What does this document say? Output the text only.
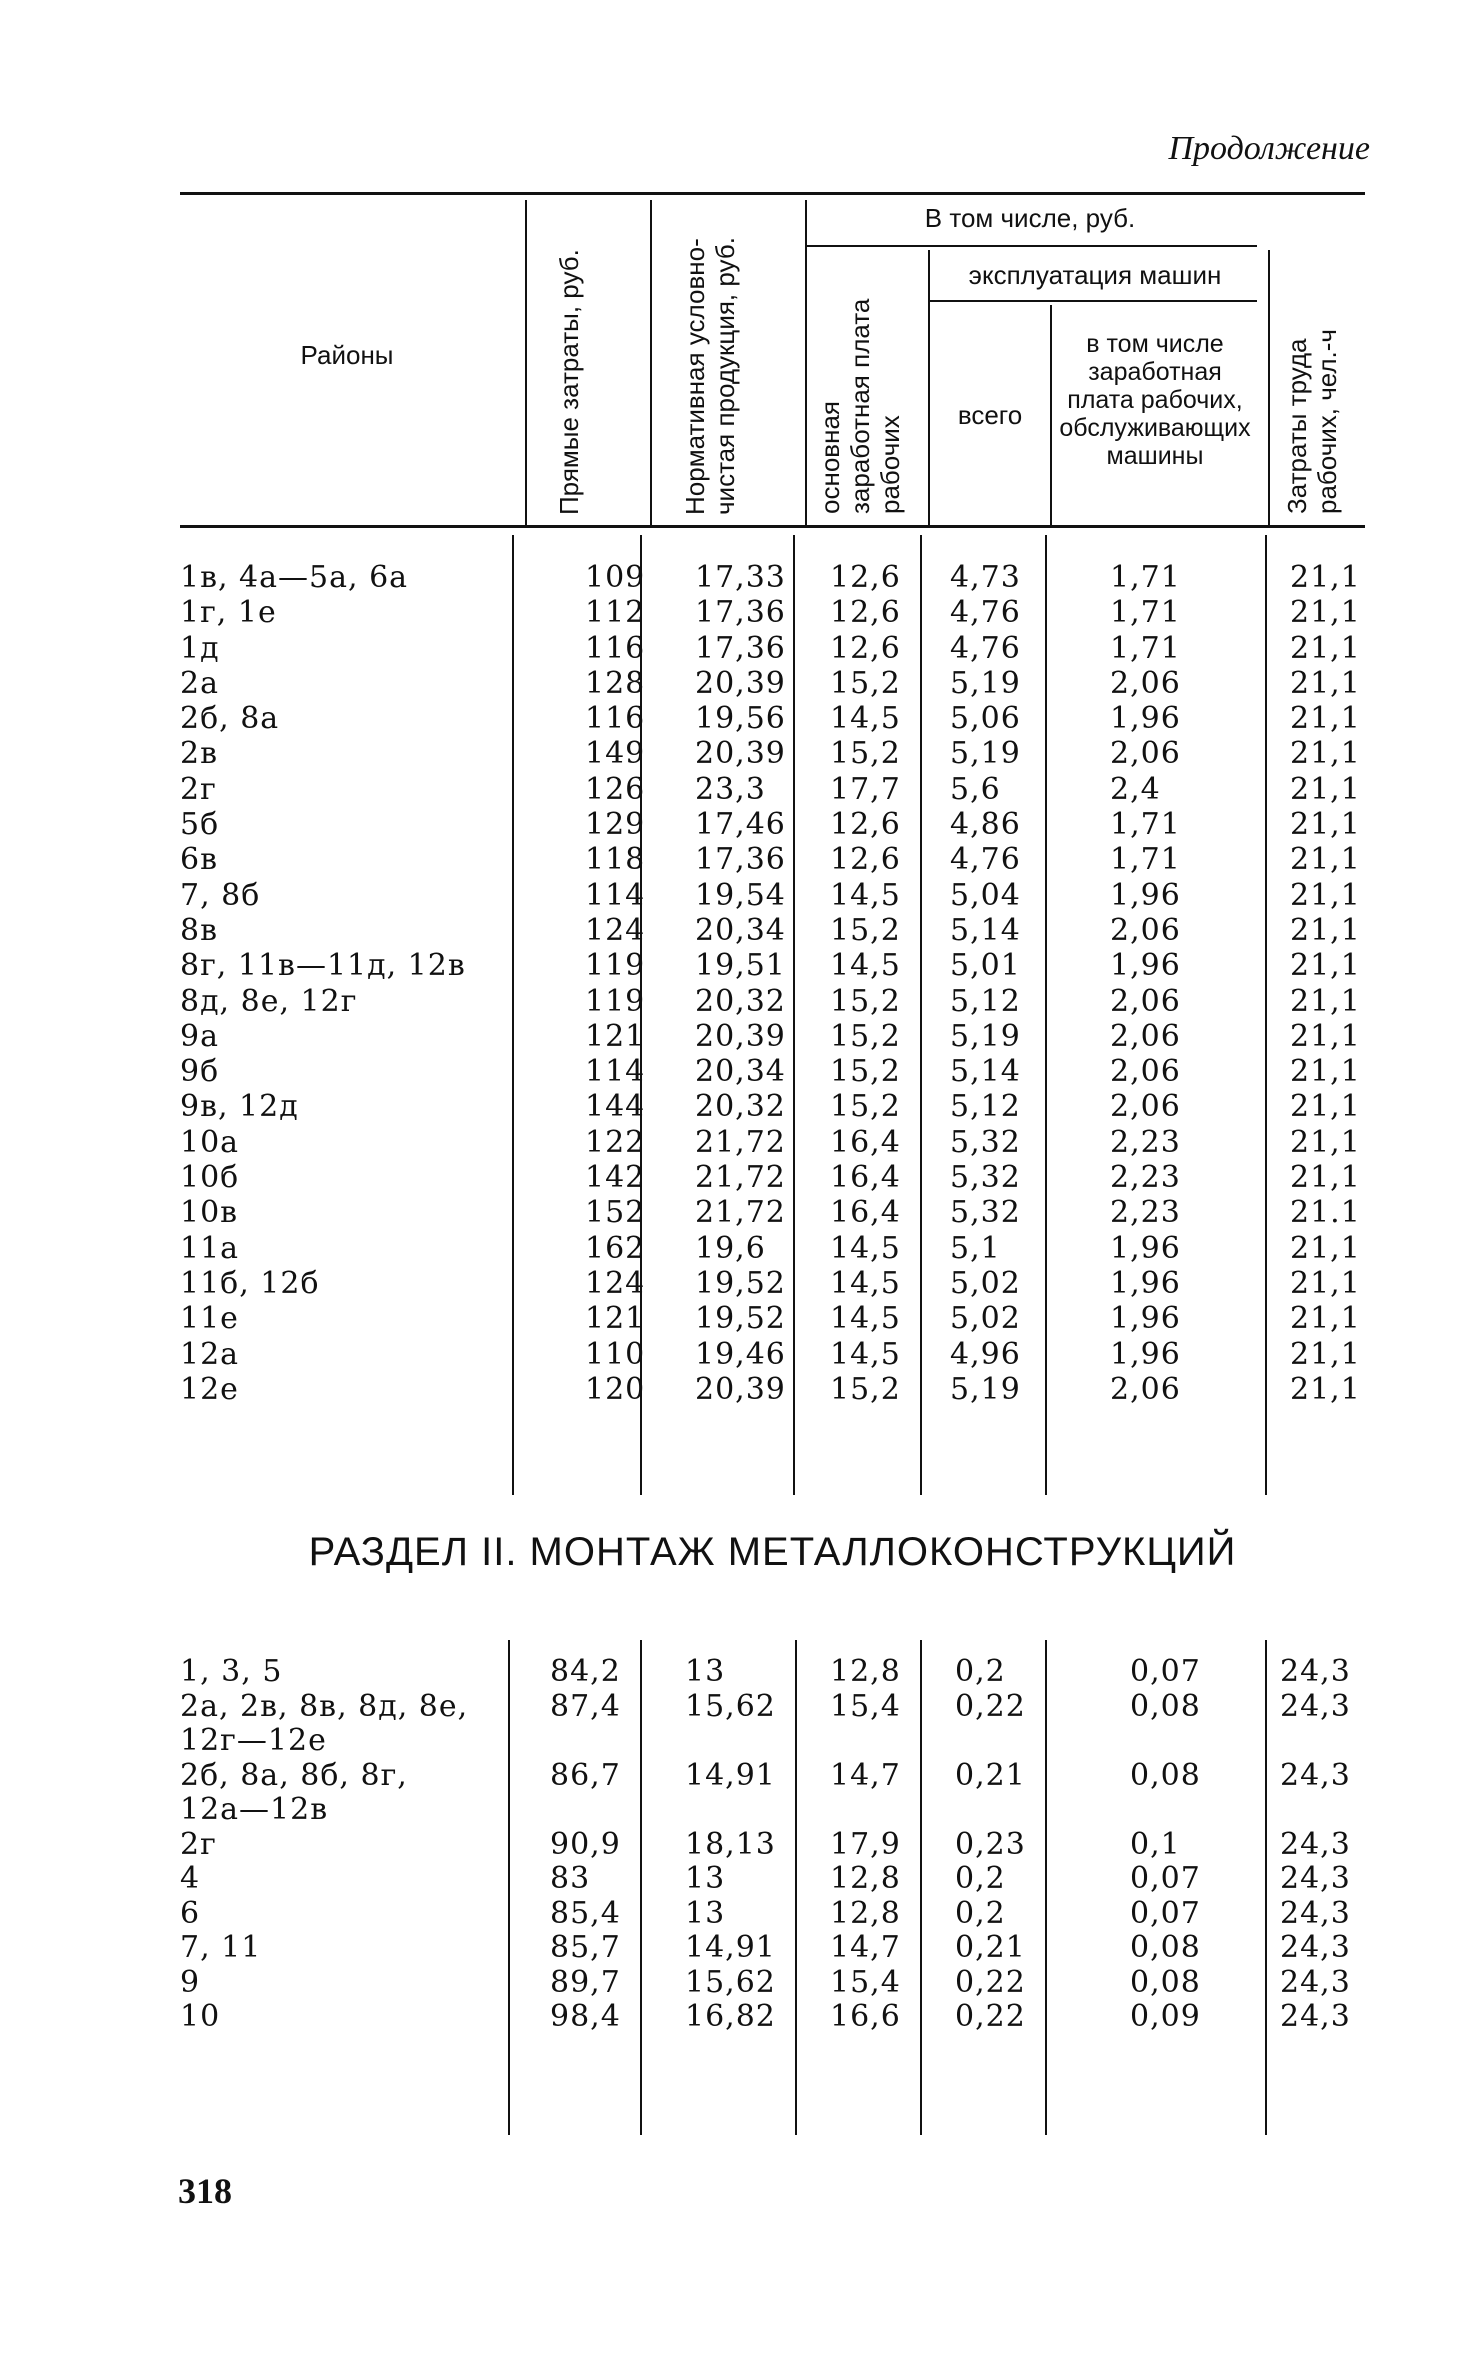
Продолжение
Районы	Прямые затраты, руб.	Нормативная условно-чистая продукция, руб.
В том числе, руб.
основная заработная плата рабочих
эксплуатация машин
всего
в том числе заработная плата рабочих, обслуживающих машины	Затраты труда рабочих, чел.-ч
1в, 4а—5а, 6а	109	17,33	12,6	4,73	1,71	21,1
1г, 1е	112	17,36	12,6	4,76	1,71	21,1
1д	116	17,36	12,6	4,76	1,71	21,1
2а	128	20,39	15,2	5,19	2,06	21,1
2б, 8а	116	19,56	14,5	5,06	1,96	21,1
2в	149	20,39	15,2	5,19	2,06	21,1
2г	126	23,3	17,7	5,6	2,4	21,1
5б	129	17,46	12,6	4,86	1,71	21,1
6в	118	17,36	12,6	4,76	1,71	21,1
7, 8б	114	19,54	14,5	5,04	1,96	21,1
8в	124	20,34	15,2	5,14	2,06	21,1
8г, 11в—11д, 12в	119	19,51	14,5	5,01	1,96	21,1
8д, 8е, 12г	119	20,32	15,2	5,12	2,06	21,1
9а	121	20,39	15,2	5,19	2,06	21,1
9б	114	20,34	15,2	5,14	2,06	21,1
9в, 12д	144	20,32	15,2	5,12	2,06	21,1
10а	122	21,72	16,4	5,32	2,23	21,1
10б	142	21,72	16,4	5,32	2,23	21,1
10в	152	21,72	16,4	5,32	2,23	21.1
11а	162	19,6	14,5	5,1	1,96	21,1
11б, 12б	124	19,52	14,5	5,02	1,96	21,1
11е	121	19,52	14,5	5,02	1,96	21,1
12а	110	19,46	14,5	4,96	1,96	21,1
12е	120	20,39	15,2	5,19	2,06	21,1
РАЗДЕЛ II. МОНТАЖ МЕТАЛЛОКОНСТРУКЦИЙ
1, 3, 5	84,2	13	12,8	0,2	0,07	24,3
2а, 2в, 8в, 8д, 8е,	87,4	15,62	15,4	0,22	0,08	24,3
12г—12е						
2б, 8а, 8б, 8г,	86,7	14,91	14,7	0,21	0,08	24,3
12а—12в						
2г	90,9	18,13	17,9	0,23	0,1	24,3
4	83	13	12,8	0,2	0,07	24,3
6	85,4	13	12,8	0,2	0,07	24,3
7, 11	85,7	14,91	14,7	0,21	0,08	24,3
9	89,7	15,62	15,4	0,22	0,08	24,3
10	98,4	16,82	16,6	0,22	0,09	24,3
318
